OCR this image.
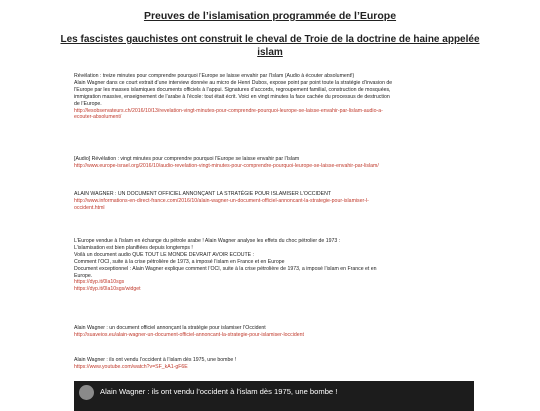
Preuves de l’islamisation programmée de l’Europe
Les fascistes gauchistes ont construit le cheval de Troie de la doctrine de haine appelée islam

Révélation : treize minutes pour comprendre pourquoi l’Europe se laisse envahir par l’Islam (Audio à écouter absolument!)

Alain Wagner dans ce court extrait d’une interview donnée au micro de Henri Dubos, expose point par point toute la stratégie d’invasion de

l’Europe par les masses islamiques documents officiels à l’appui. Signatures d’accords, regroupement familial, construction de mosquées,

immigration massive, enseignement de l’arabe à l’école: tout était écrit. Voici en vingt minutes la face cachée du processus de destruction

de l’Europe.

http://lesobservateurs.ch/2016/10/13/revelation-vingt-minutes-pour-comprendre-pourquoi-leurope-se-laisse-envahir-par-lislam-audio-a-

ecouter-absolument/

[Audio] Révélation : vingt minutes pour comprendre pourquoi l’Europe se laisse envahir par l’Islam

http://www.europe-israel.org/2016/10/audio-revelation-vingt-minutes-pour-comprendre-pourquoi-leurope-se-laisse-envahir-par-lislam/

ALAIN WAGNER : UN DOCUMENT OFFICIEL ANNONÇANT LA STRATÉGIE POUR ISLAMISER L’OCCIDENT

http://www.informations-en-direct-france.com/2016/10/alain-wagner-un-document-officiel-annoncant-la-strategie-pour-islamiser-l-

occident.html

L’Europe vendue à l’islam en échange du pétrole arabe ! Alain Wagner analyse les effets du choc pétrolier de 1973 :

L’islamisation est bien planifiées depuis longtemps !

Voilà un document audio QUE TOUT LE MONDE DEVRAIT AVOIR ECOUTE :

Comment l’OCI, suite à la crise pétrolière de 1973, a imposé l’islam en France et en Europe

Document exceptionnel : Alain Wagner explique comment l’OCI, suite à la crise pétrolière de 1973, a imposé l’islam en France et en

Europe.

https://dyp.it/0la10sgs

https://dyp.it/0la10sgs/widget

Alain Wagner : un document officiel annonçant la stratégie pour islamiser l’Occident

http://suaveios.eu/alain-wagner-un-document-officiel-annoncant-la-strategie-pour-islamiser-loccident

Alain Wagner : ils ont vendu l’occident à l’islam dès 1975, une bombe !

https://www.youtube.com/watch?v=SF_kA1-gF6E

Alain Wagner : ils ont vendu l’occident à l’islam dès 1975, une bombe !
